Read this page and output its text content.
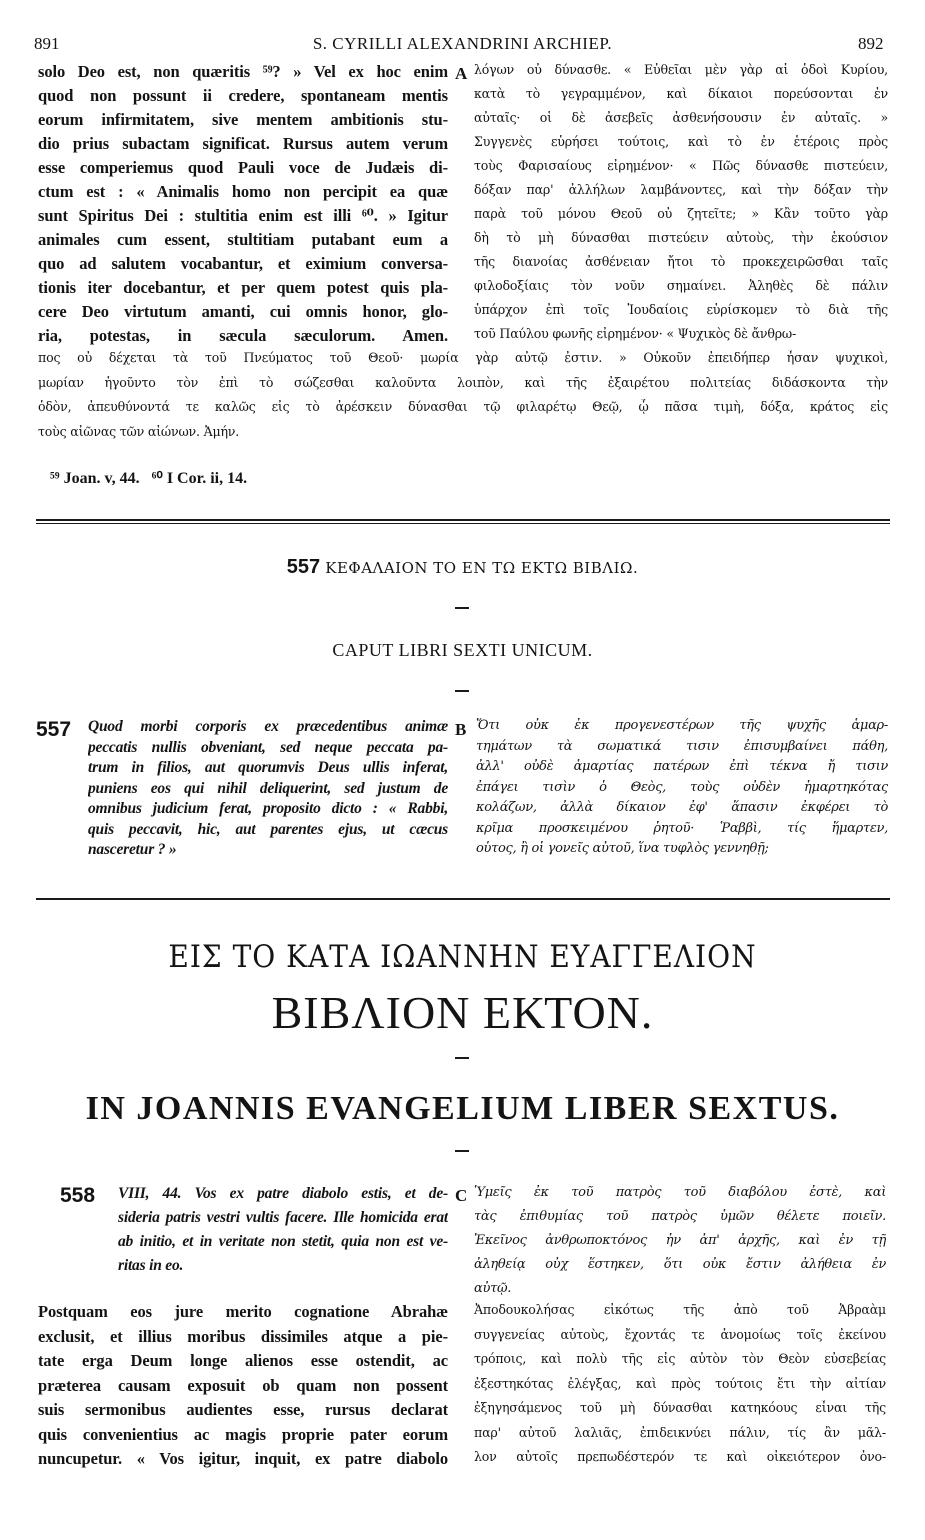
891	S. CYRILLI ALEXANDRINI ARCHIEP.	892
solo Deo est, non quæritis ⁵⁹? » Vel ex hoc enim
quod non possunt ii credere, spontaneam mentis
eorum infirmitatem, sive mentem ambitionis stu-
dio prius subactam significat. Rursus autem verum
esse comperiemus quod Pauli voce de Judæis di-
ctum est : « Animalis homo non percipit ea quæ
sunt Spiritus Dei : stultitia enim est illi ⁶⁰. » Igitur
animales cum essent, stultitiam putabant eum a
quo ad salutem vocabantur, et eximium conversa-
tionis iter docebantur, et per quem potest quis pla-
cere Deo virtutum amanti, cui omnis honor, glo-
ria, potestas, in sæcula sæculorum. Amen.
A λόγων οὐ δύνασθε. « Εὐθεῖαι μὲν γὰρ αἱ ὁδοὶ Κυρίου,
κατὰ τὸ γεγραμμένον, καὶ δίκαιοι πορεύσονται ἐν
αὐταῖς· οἱ δὲ ἀσεβεῖς ἀσθενήσουσιν ἐν αὐταῖς. »
Συγγενὲς εὑρήσει τούτοις, καὶ τὸ ἐν ἑτέροις πρὸς
τοὺς Φαρισαίους εἰρημένον· « Πῶς δύνασθε πιστεύειν,
δόξαν παρ' ἀλλήλων λαμβάνοντες, καὶ τὴν δόξαν τὴν
παρὰ τοῦ μόνου Θεοῦ οὐ ζητεῖτε; » Κἂν τοῦτο γὰρ
δὴ τὸ μὴ δύνασθαι πιστεύειν αὐτοὺς, τὴν ἑκούσιον
τῆς διανοίας ἀσθένειαν ἤτοι τὸ προκεχειρῶσθαι ταῖς
φιλοδοξίαις τὸν νοῦν σημαίνει. Ἀληθὲς δὲ πάλιν
ὑπάρχον ἐπὶ τοῖς Ἰουδαίοις εὑρίσκομεν τὸ διὰ τῆς
τοῦ Παύλου φωνῆς εἰρημένον· « Ψυχικὸς δὲ ἄνθρω-
πος οὐ δέχεται τὰ τοῦ Πνεύματος τοῦ Θεοῦ· μωρία γὰρ αὐτῷ ἐστιν. » Οὐκοῦν ἐπειδήπερ ἦσαν ψυχικοὶ,
μωρίαν ἡγοῦντο τὸν ἐπὶ τὸ σώζεσθαι καλοῦντα λοιπὸν, καὶ τῆς ἐξαιρέτου πολιτείας διδάσκοντα τὴν
ὁδὸν, ἀπευθύνοντά τε καλῶς εἰς τὸ ἀρέσκειν δύνασθαι τῷ φιλαρέτῳ Θεῷ, ᾧ πᾶσα τιμὴ, δόξα, κράτος εἰς
τοὺς αἰῶνας τῶν αἰώνων. Ἀμήν.
⁵⁹ Joan. v, 44.   ⁶⁰ I Cor. ii, 14.
557 ΚΕΦΑΛΑΙΟΝ ΤΟ ΕΝ ΤΩ ΕΚΤΩ ΒΙΒΛΙΩ.
CAPUT LIBRI SEXTI UNICUM.
557 Quod morbi corporis ex præcedentibus animæ
peccatis nullis obveniant, sed neque peccata pa-
trum in filios, aut quorumvis Deus ullis inferat,
puniens eos qui nihil deliquerint, sed justum de
omnibus judicium ferat, proposito dicto : « Rabbi,
quis peccavit, hic, aut parentes ejus, ut cæcus
nasceretur ? »
B Ὅτι οὐκ ἐκ προγενεστέρων τῆς ψυχῆς ἁμαρ-
τημάτων τὰ σωματικά τισιν ἐπισυμβαίνει πάθη,
ἀλλ' οὐδὲ ἁμαρτίας πατέρων ἐπὶ τέκνα ἤ τισιν
ἐπάγει τισὶν ὁ Θεὸς, τοὺς οὐδὲν ἡμαρτηκότας
κολάζων, ἀλλὰ δίκαιον ἐφ' ἅπασιν ἐκφέρει τὸ
κρῖμα προσκειμένου ῥητοῦ· Ῥαββὶ, τίς ἥμαρτεν,
οὗτος, ἢ οἱ γονεῖς αὐτοῦ, ἵνα τυφλὸς γεννηθῇ;
ΕΙΣ ΤΟ ΚΑΤΑ ΙΩΑΝΝΗΝ ΕΥΑΓΓΕΛΙΟΝ
ΒΙΒΛΙΟΝ ΕΚΤΟΝ.
IN JOANNIS EVANGELIUM LIBER SEXTUS.
558 VIII, 44. Vos ex patre diabolo estis, et de-
sideria patris vestri vultis facere. Ille homicida erat
ab initio, et in veritate non stetit, quia non est ve-
ritas in eo.
C Ὑμεῖς ἐκ τοῦ πατρὸς τοῦ διαβόλου ἐστὲ, καὶ
τὰς ἐπιθυμίας τοῦ πατρὸς ὑμῶν θέλετε ποιεῖν.
Ἐκεῖνος ἀνθρωποκτόνος ἦν ἀπ' ἀρχῆς, καὶ ἐν τῇ
ἀληθείᾳ οὐχ ἕστηκεν, ὅτι οὐκ ἔστιν ἀλήθεια ἐν
αὐτῷ.
Postquam eos jure merito cognatione Abrahæ
exclusit, et illius moribus dissimiles atque a pie-
tate erga Deum longe alienos esse ostendit, ac
præterea causam exposuit ob quam non possent
suis sermonibus audientes esse, rursus declarat
quis convenientius ac magis proprie pater eorum
nuncupetur. « Vos igitur, inquit, ex patre diabolo
Ἀποδουκολήσας εἰκότως τῆς ἀπὸ τοῦ Ἀβραὰμ
συγγενείας αὐτοὺς, ἔχοντάς τε ἀνομοίως τοῖς ἐκείνου
τρόποις, καὶ πολὺ τῆς εἰς αὐτὸν τὸν Θεὸν εὐσεβείας
ἐξεστηκότας ἐλέγξας, καὶ πρὸς τούτοις ἔτι τὴν αἰτίαν
ἐξηγησάμενος τοῦ μὴ δύνασθαι κατηκόους εἶναι τῆς
παρ' αὐτοῦ λαλιᾶς, ἐπιδεικνύει πάλιν, τίς ἂν μᾶλ-
λον αὐτοῖς πρεπωδέστερόν τε καὶ οἰκειότερον ὀνο-
